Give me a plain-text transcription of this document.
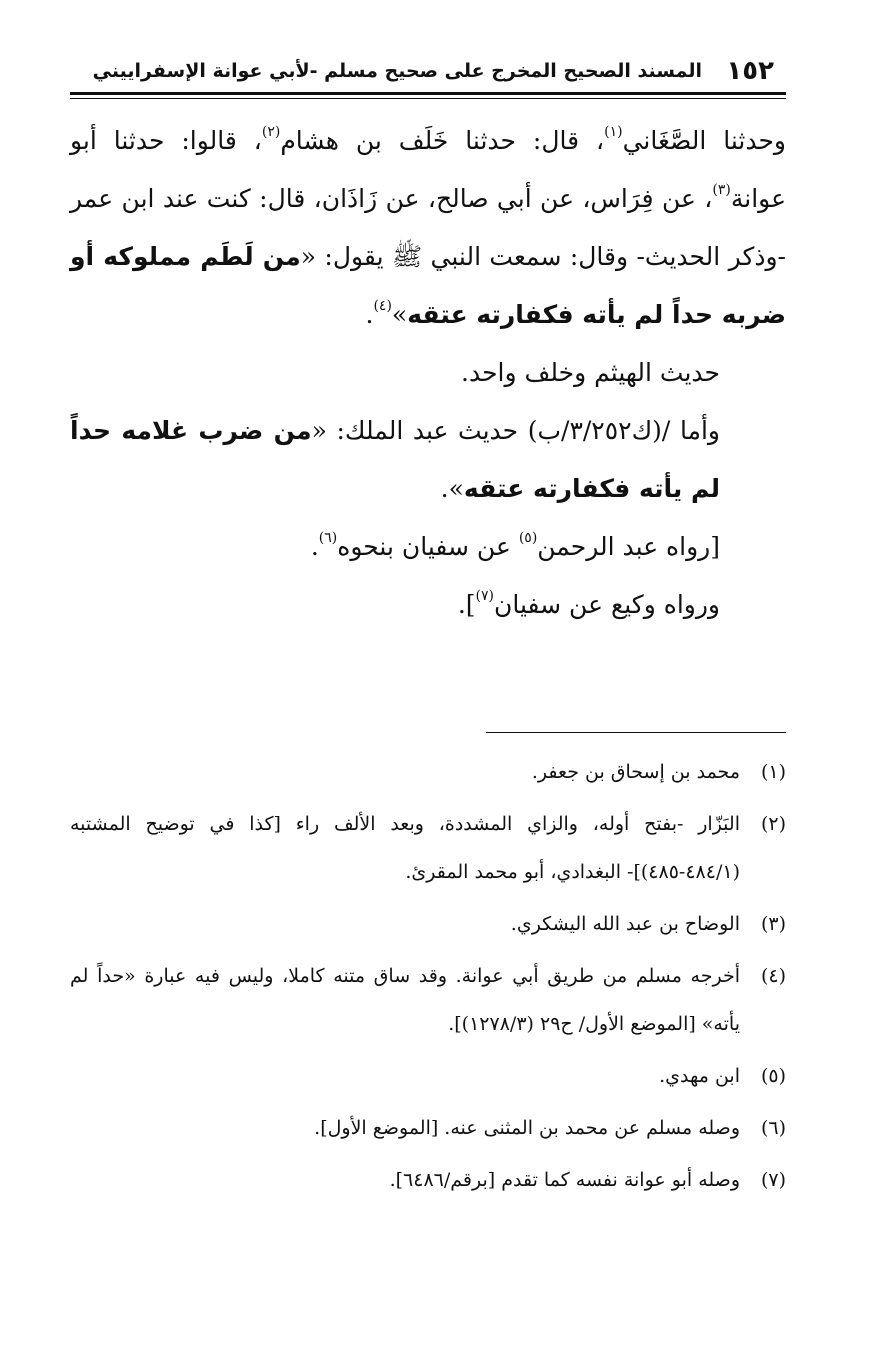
١٥٢
المسند الصحيح المخرج على صحيح مسلم -لأبي عوانة الإسفراييني

وحدثنا الصَّغَاني$^{(١)}$، قال: حدثنا خَلَف بن هشام$^{(٢)}$، قالوا: حدثنا أبو عوانة$^{(٣)}$، عن فِرَاس، عن أبي صالح، عن زَاذَان، قال: كنت عند ابن عمر -وذكر الحديث- وقال: سمعت النبي ﷺ يقول: «من لَطَم مملوكه أو ضربه حداً لم يأته فكفارته عتقه»$^{(٤)}$.

حديث الهيثم وخلف واحد.

وأما /(ك٣/٢٥٢/ب) حديث عبد الملك: «من ضرب غلامه حداً لم يأته فكفارته عتقه».

[رواه عبد الرحمن$^{(٥)}$ عن سفيان بنحوه$^{(٦)}$.

ورواه وكيع عن سفيان$^{(٧)}$].

(١)
محمد بن إسحاق بن جعفر.
(٢)
البَزّار -بفتح أوله، والزاي المشددة، وبعد الألف راء [كذا في توضيح المشتبه (٤٨٤/١-٤٨٥)]- البغدادي، أبو محمد المقرئ.
(٣)
الوضاح بن عبد الله اليشكري.
(٤)
أخرجه مسلم من طريق أبي عوانة. وقد ساق متنه كاملا، وليس فيه عبارة «حداً لم يأته» [الموضع الأول/ ح٢٩ (١٢٧٨/٣)].
(٥)
ابن مهدي.
(٦)
وصله مسلم عن محمد بن المثنى عنه. [الموضع الأول].
(٧)
وصله أبو عوانة نفسه كما تقدم [برقم/٦٤٨٦].
